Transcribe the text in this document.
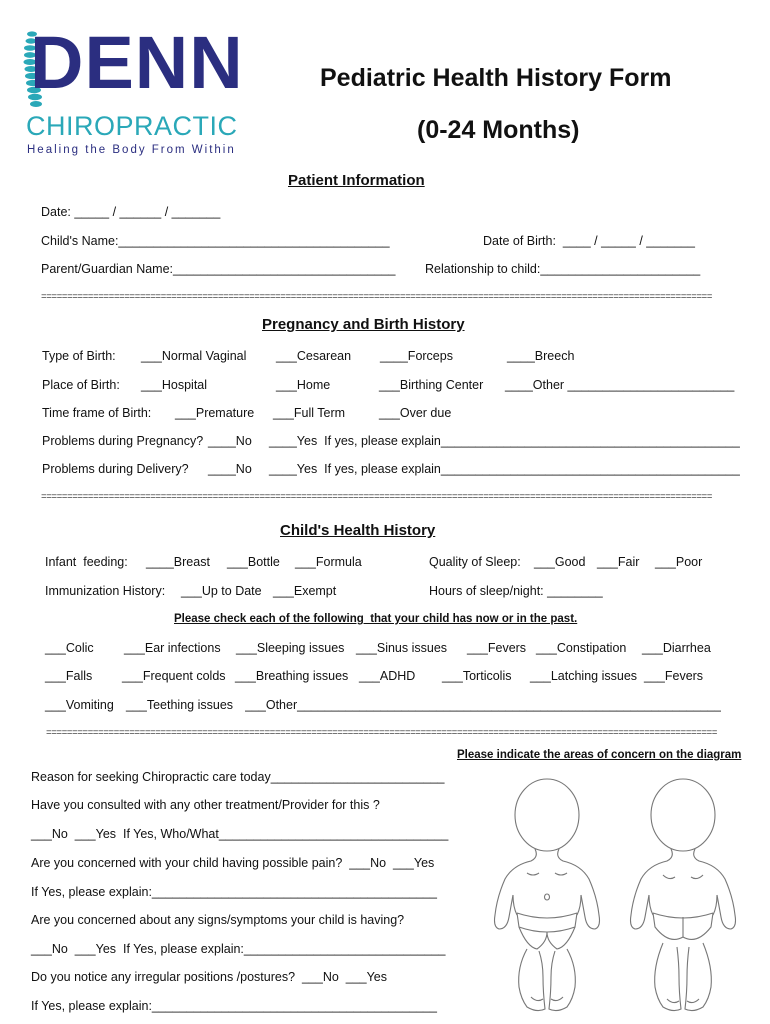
DENN
CHIROPRACTIC
Healing the Body From Within
Pediatric Health History Form
(0-24 Months)
Patient Information
Date: _____ / ______ / _______
Child's Name:_______________________________________	Date of Birth:  ____ / _____ / _______
Parent/Guardian Name:________________________________ Relationship to child:_______________________
=================================================================================================================================
Pregnancy and Birth History
Type of Birth: ___Normal Vaginal ___Cesarean ____Forceps	____Breech
Place of Birth: ___Hospital	___Home	___Birthing Center ____Other ________________________
Time frame of Birth: ___Premature ___Full Term	___Over due
Problems during Pregnancy? ____No ____Yes  If yes, please explain___________________________________________
Problems during Delivery? ____No ____Yes  If yes, please explain___________________________________________
=================================================================================================================================
Child's Health History
Infant  feeding: ____Breast ___Bottle ___Formula	Quality of Sleep: ___Good ___Fair ___Poor
Immunization History: ___Up to Date ___Exempt	Hours of sleep/night: ________
Please check each of the following  that your child has now or in the past.
___Colic ___Ear infections ___Sleeping issues ___Sinus issues ___Fevers ___Constipation ___Diarrhea
___Falls ___Frequent colds ___Breathing issues ___ADHD ___Torticolis ___Latching issues ___Fevers
___Vomiting ___Teething issues ___Other_____________________________________________________________
=================================================================================================================================
Please indicate the areas of concern on the diagram
Reason for seeking Chiropractic care today_________________________
Have you consulted with any other treatment/Provider for this ?
___No  ___Yes  If Yes, Who/What_________________________________
Are you concerned with your child having possible pain?  ___No  ___Yes
If Yes, please explain:_________________________________________
Are you concerned about any signs/symptoms your child is having?
___No  ___Yes  If Yes, please explain:_____________________________
Do you notice any irregular positions /postures?  ___No  ___Yes
If Yes, please explain:_________________________________________
